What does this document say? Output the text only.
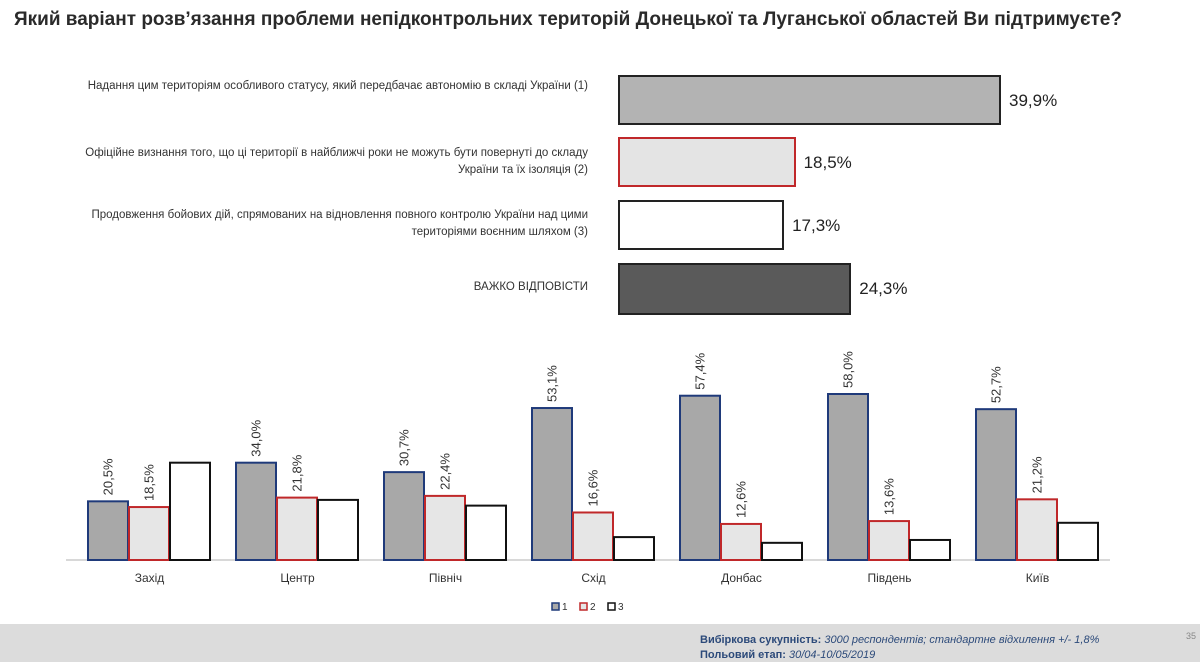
Який варіант розв’язання проблеми непідконтрольних територій Донецької та Луганської областей Ви підтримуєте?
Надання цим територіям особливого статусу, який передбачає автономію в складі України (1)
39,9%
Офіційне визнання того, що ці території в найближчі роки не можуть бути повернуті до складу України та їх ізоляція (2)	18,5%
Продовження бойових дій, спрямованих на відновлення повного контролю України над цими територіями воєнним шляхом (3)	17,3%
ВАЖКО ВІДПОВІСТИ	24,3%
20,5% 18,5%
Захід
34,0%
21,8%
Центр
30,7%
22,4%
Північ
53,1%
16,6%
Схід
57,4%
12,6%
Донбас
58,0%
13,6%
Південь
52,7%
21,2%
Київ
1 2 3
Вибіркова сукупність: 3000 респондентів; стандартне відхилення +/- 1,8%
Польовий етап: 30/04-10/05/2019
35
